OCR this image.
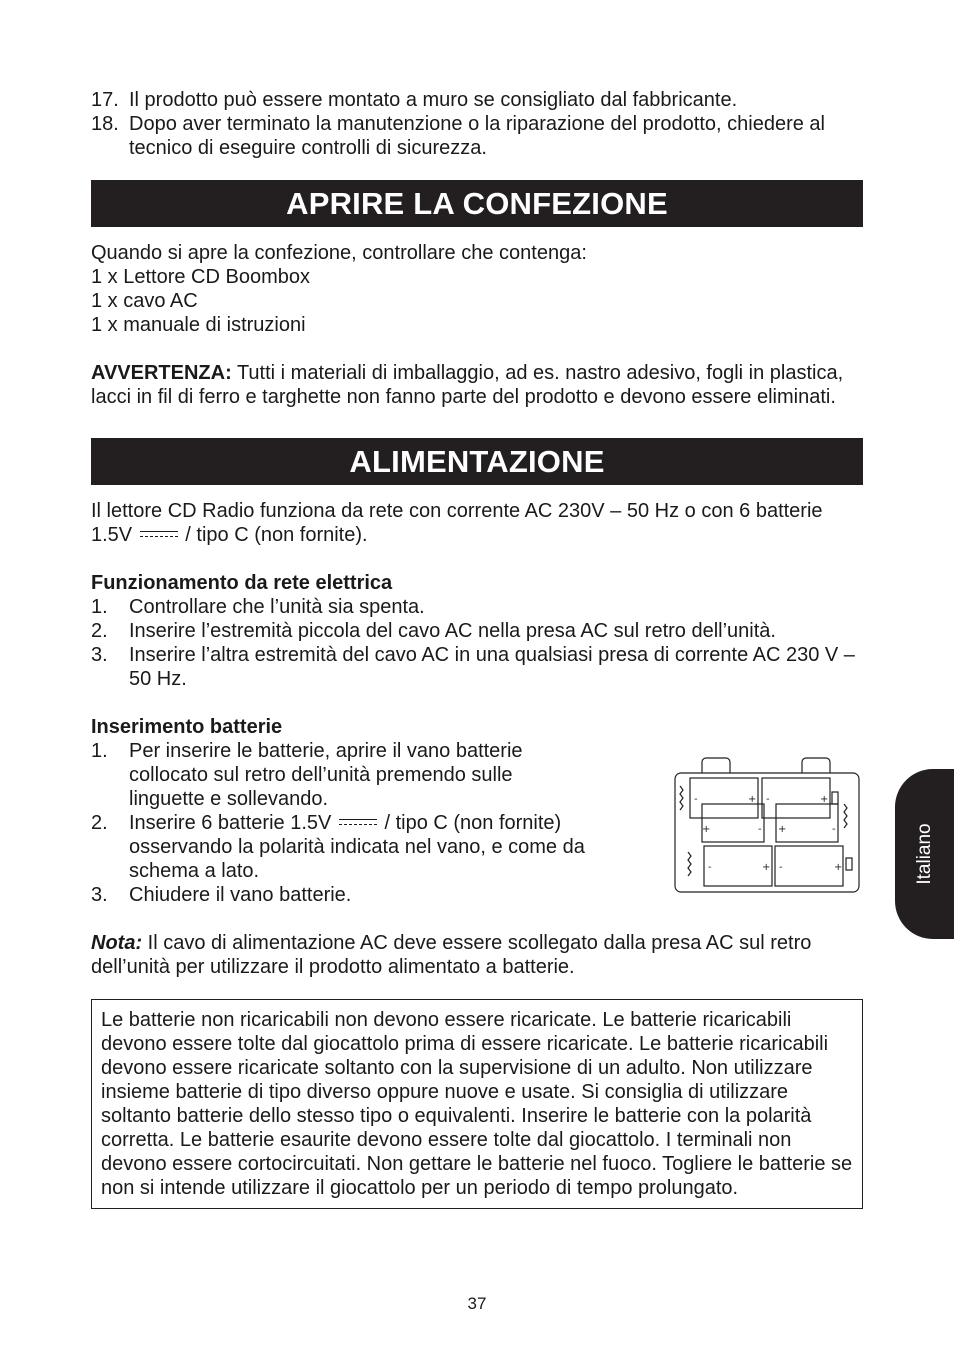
17. Il prodotto può essere montato a muro se consigliato dal fabbricante.
18. Dopo aver terminato la manutenzione o la riparazione del prodotto, chiedere al tecnico di eseguire controlli di sicurezza.
APRIRE LA CONFEZIONE

Quando si apre la confezione, controllare che contenga:

1 x Lettore CD Boombox

1 x cavo AC

1 x manuale di istruzioni

AVVERTENZA: Tutti i materiali di imballaggio, ad es. nastro adesivo, fogli in plastica, lacci in fil di ferro e targhette non fanno parte del prodotto e devono essere eliminati.

ALIMENTAZIONE

Il lettore CD Radio funziona da rete con corrente AC 230V – 50 Hz o con 6 batterie 1.5V  / tipo C (non fornite).

Funzionamento da rete elettrica

1.	Controllare che l’unità sia spenta.
2.	Inserire l’estremità piccola del cavo AC nella presa AC sul retro dell’unità.
3.	Inserire l’altra estremità del cavo AC in una qualsiasi presa di corrente AC 230 V – 50 Hz.

Inserimento batterie

1.	Per inserire le batterie, aprire il vano batterie collocato sul retro dell’unità premendo sulle linguette e sollevando.
2.	Inserire 6 batterie 1.5V  / tipo C (non fornite) osservando la polarità indicata nel vano, e come da schema a lato.
3.	Chiudere il vano batterie.

Nota: Il cavo di alimentazione AC deve essere scollegato dalla presa AC sul retro dell’unità per utilizzare il prodotto alimentato a batterie.

Le batterie non ricaricabili non devono essere ricaricate. Le batterie ricaricabili devono essere tolte dal giocattolo prima di essere ricaricate. Le batterie ricaricabili devono essere ricaricate soltanto con la supervisione di un adulto. Non utilizzare insieme batterie di tipo diverso oppure nuove e usate. Si consiglia di utilizzare soltanto batterie dello stesso tipo o equivalenti. Inserire le batterie con la polarità corretta. Le batterie esaurite devono essere tolte dal giocattolo. I terminali non devono essere cortocircuitati. Non gettare le batterie nel fuoco. Togliere le batterie se non si intende utilizzare il giocattolo per un periodo di tempo prolungato.

-	+ -	+
+	- +	-
-	+ -	+	Italiano
37
